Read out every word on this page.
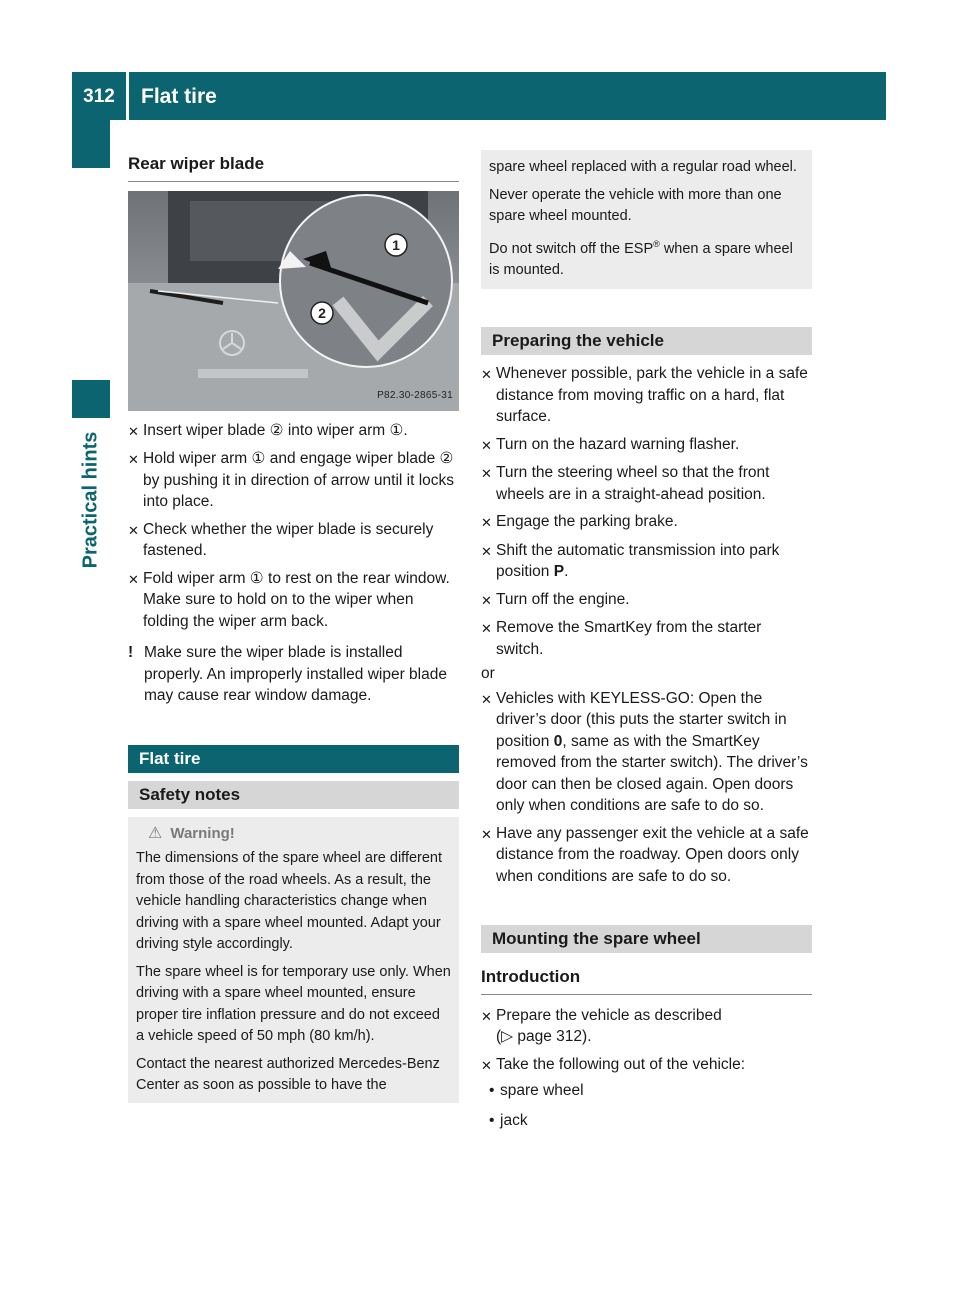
312	Flat tire
Practical hints
Rear wiper blade
1
2
P82.30-2865-31
✕ Insert wiper blade ② into wiper arm ①.
✕ Hold wiper arm ① and engage wiper blade ② by pushing it in direction of arrow until it locks into place.
✕ Check whether the wiper blade is securely fastened.
✕ Fold wiper arm ① to rest on the rear window.
Make sure to hold on to the wiper when folding the wiper arm back.
! Make sure the wiper blade is installed properly. An improperly installed wiper blade may cause rear window damage.
Flat tire
Safety notes
⚠ Warning!

The dimensions of the spare wheel are different from those of the road wheels. As a result, the vehicle handling characteristics change when driving with a spare wheel mounted. Adapt your driving style accordingly.

The spare wheel is for temporary use only. When driving with a spare wheel mounted, ensure proper tire inflation pressure and do not exceed a vehicle speed of 50 mph (80 km/h).

Contact the nearest authorized Mercedes-Benz Center as soon as possible to have the

spare wheel replaced with a regular road wheel.

Never operate the vehicle with more than one spare wheel mounted.

Do not switch off the ESP® when a spare wheel is mounted.

Preparing the vehicle
✕ Whenever possible, park the vehicle in a safe distance from moving traffic on a hard, flat surface.
✕ Turn on the hazard warning flasher.
✕ Turn the steering wheel so that the front wheels are in a straight-ahead position.
✕ Engage the parking brake.
✕ Shift the automatic transmission into park position P.
✕ Turn off the engine.
✕ Remove the SmartKey from the starter switch.
or
✕ Vehicles with KEYLESS-GO: Open the driver’s door (this puts the starter switch in position 0, same as with the SmartKey removed from the starter switch). The driver’s door can then be closed again. Open doors only when conditions are safe to do so.
✕ Have any passenger exit the vehicle at a safe distance from the roadway. Open doors only when conditions are safe to do so.
Mounting the spare wheel
Introduction
✕ Prepare the vehicle as described
(▷ page 312).
✕ Take the following out of the vehicle:
• spare wheel
• jack
